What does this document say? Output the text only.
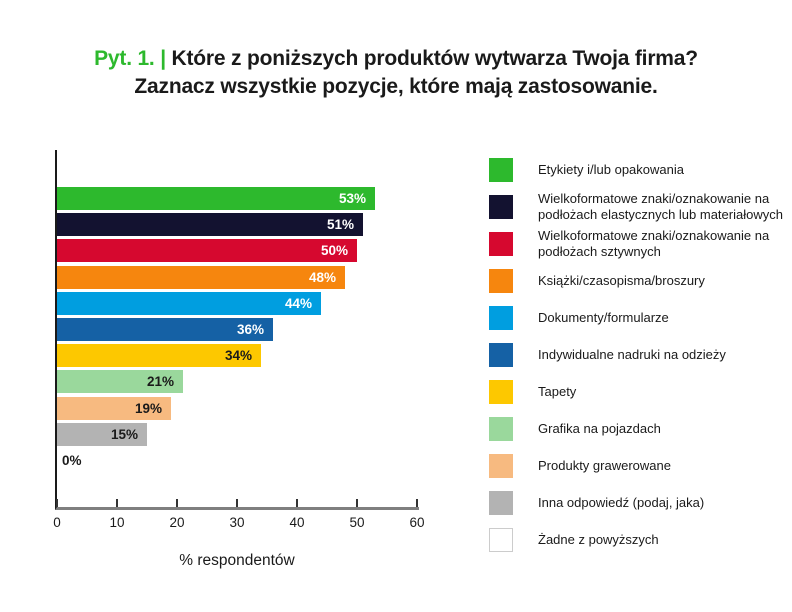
Pyt. 1. | Które z poniższych produktów wytwarza Twoja firma?
Zaznacz wszystkie pozycje, które mają zastosowanie.
53%
51%
50%
48%
44%
36%
34%
21%
19%
15%
0%
0	10	20	30	40	50	60
% respondentów
Etykiety i/lub opakowania
Wielkoformatowe znaki/oznakowanie na podłożach elastycznych lub materiałowych
Wielkoformatowe znaki/oznakowanie na podłożach sztywnych
Książki/czasopisma/broszury
Dokumenty/formularze
Indywidualne nadruki na odzieży
Tapety
Grafika na pojazdach
Produkty grawerowane
Inna odpowiedź (podaj, jaka)
Żadne z powyższych
